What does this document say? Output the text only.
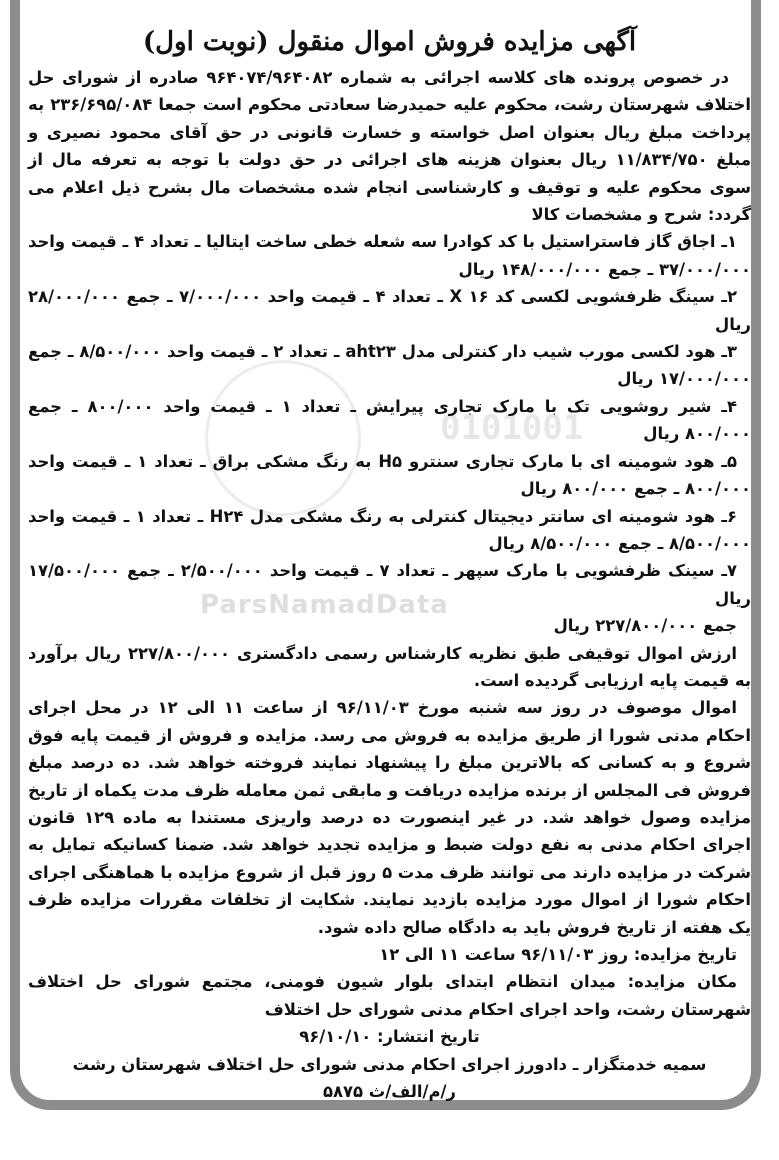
0101001
ParsNamadData
آگهی مزایده فروش اموال منقول (نوبت اول)

در خصوص پرونده های کلاسه اجرائی به شماره ۹۶۴۰۷۴/۹۶۴۰۸۲ صادره از شورای حل اختلاف شهرستان رشت، محکوم علیه حمیدرضا سعادتی محکوم است جمعا ۲۳۶/۶۹۵/۰۸۴ به پرداخت مبلغ ریال بعنوان اصل خواسته و خسارت قانونی در حق آقای محمود نصیری و مبلغ ۱۱/۸۳۴/۷۵۰ ریال بعنوان هزینه های اجرائی در حق دولت با توجه به تعرفه مال از سوی محکوم علیه و توقیف و کارشناسی انجام شده مشخصات مال بشرح ذیل اعلام می گردد: شرح و مشخصات کالا

۱ـ اجاق گاز فاستراستیل با کد کوادرا سه شعله خطی ساخت ایتالیا ـ تعداد ۴ ـ قیمت واحد ۳۷/۰۰۰/۰۰۰ ـ جمع ۱۴۸/۰۰۰/۰۰۰ ریال

۲ـ سینگ ظرفشویی لکسی کد ۱۶ X ـ تعداد ۴ ـ قیمت واحد ۷/۰۰۰/۰۰۰ ـ جمع ۲۸/۰۰۰/۰۰۰ ریال

۳ـ هود لکسی مورب شیب دار کنترلی مدل aht۲۳ ـ تعداد ۲ ـ قیمت واحد ۸/۵۰۰/۰۰۰ ـ جمع ۱۷/۰۰۰/۰۰۰ ریال

۴ـ شیر روشویی تک با مارک تجاری پیرایش ـ تعداد ۱ ـ قیمت واحد ۸۰۰/۰۰۰ ـ جمع ۸۰۰/۰۰۰ ریال

۵ـ هود شومینه ای با مارک تجاری سنترو H۵ به رنگ مشکی براق ـ تعداد ۱ ـ قیمت واحد ۸۰۰/۰۰۰ ـ جمع ۸۰۰/۰۰۰ ریال

۶ـ هود شومینه ای سانتر دیجیتال کنترلی به رنگ مشکی مدل H۲۴ ـ تعداد ۱ ـ قیمت واحد ۸/۵۰۰/۰۰۰ ـ جمع ۸/۵۰۰/۰۰۰ ریال

۷ـ سینک ظرفشویی با مارک سپهر ـ تعداد ۷ ـ قیمت واحد ۲/۵۰۰/۰۰۰ ـ جمع ۱۷/۵۰۰/۰۰۰ ریال

جمع ۲۲۷/۸۰۰/۰۰۰ ریال

ارزش اموال توقیفی طبق نظریه کارشناس رسمی دادگستری ۲۲۷/۸۰۰/۰۰۰ ریال برآورد به قیمت پایه ارزیابی گردیده است.

اموال موصوف در روز سه شنبه مورخ ۹۶/۱۱/۰۳ از ساعت ۱۱ الی ۱۲ در محل اجرای احکام مدنی شورا از طریق مزایده به فروش می رسد. مزایده و فروش از قیمت پایه فوق شروع و به کسانی که بالاترین مبلغ را پیشنهاد نمایند فروخته خواهد شد. ده درصد مبلغ فروش فی المجلس از برنده مزایده دریافت و مابقی ثمن معامله ظرف مدت یکماه از تاریخ مزایده وصول خواهد شد. در غیر اینصورت ده درصد واریزی مستندا به ماده ۱۲۹ قانون اجرای احکام مدنی به نفع دولت ضبط و مزایده تجدید خواهد شد. ضمنا کسانیکه تمایل به شرکت در مزایده دارند می توانند ظرف مدت ۵ روز قبل از شروع مزایده با هماهنگی اجرای احکام شورا از اموال مورد مزایده بازدید نمایند. شکایت از تخلفات مقررات مزایده ظرف یک هفته از تاریخ فروش باید به دادگاه صالح داده شود.

تاریخ مزایده: روز ۹۶/۱۱/۰۳ ساعت ۱۱ الی ۱۲

مکان مزایده: میدان انتظام ابتدای بلوار شیون فومنی، مجتمع شورای حل اختلاف شهرستان رشت، واحد اجرای احکام مدنی شورای حل اختلاف

تاریخ انتشار: ۹۶/۱۰/۱۰

سمیه خدمتگزار ـ دادورز اجرای احکام مدنی شورای حل اختلاف شهرستان رشت

ر/م/الف/ث ۵۸۷۵
